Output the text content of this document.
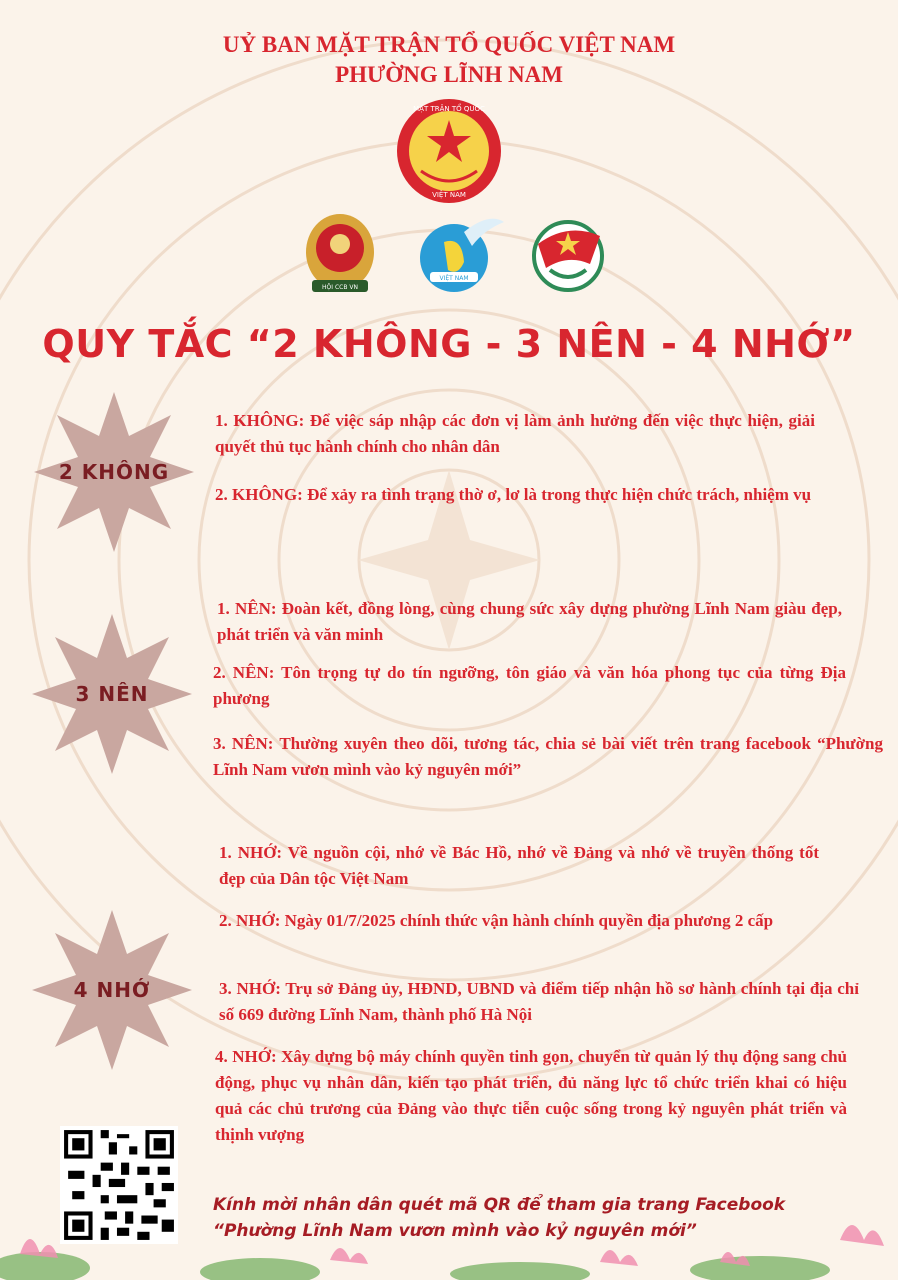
UỶ BAN MẶT TRẬN TỔ QUỐC VIỆT NAM
PHƯỜNG LĨNH NAM
MẶT TRẬN TỔ QUỐC
VIỆT NAM
HỘI CCB VN
VIỆT NAM
QUY TẮC “2 KHÔNG - 3 NÊN - 4 NHỚ”
2 KHÔNG
3 NÊN
4 NHỚ
1. KHÔNG: Để việc sáp nhập các đơn vị làm ảnh hưởng đến việc thực hiện, giải quyết thủ tục hành chính cho nhân dân
2. KHÔNG: Để xảy ra tình trạng thờ ơ, lơ là trong thực hiện chức trách, nhiệm vụ
1. NÊN: Đoàn kết, đồng lòng, cùng chung sức xây dựng phường Lĩnh Nam giàu đẹp, phát triển và văn minh
2. NÊN: Tôn trọng tự do tín ngưỡng, tôn giáo và văn hóa phong tục của từng Địa phương
3. NÊN: Thường xuyên theo dõi, tương tác, chia sẻ bài viết trên trang facebook “Phường Lĩnh Nam vươn mình vào kỷ nguyên mới”
1. NHỚ: Về nguồn cội, nhớ về Bác Hồ, nhớ về Đảng và nhớ về truyền thống tốt đẹp của Dân tộc Việt Nam
2. NHỚ: Ngày 01/7/2025 chính thức vận hành chính quyền địa phương 2 cấp
3. NHỚ: Trụ sở Đảng ủy, HĐND, UBND và điểm tiếp nhận hồ sơ hành chính tại địa chỉ số 669 đường Lĩnh Nam, thành phố Hà Nội
4. NHỚ: Xây dựng bộ máy chính quyền tinh gọn, chuyển từ quản lý thụ động sang chủ động, phục vụ nhân dân, kiến tạo phát triển, đủ năng lực tổ chức triển khai có hiệu quả các chủ trương của Đảng vào thực tiễn cuộc sống trong kỷ nguyên phát triển và thịnh vượng
Kính mời nhân dân quét mã QR để tham gia trang Facebook
“Phường Lĩnh Nam vươn mình vào kỷ nguyên mới”
